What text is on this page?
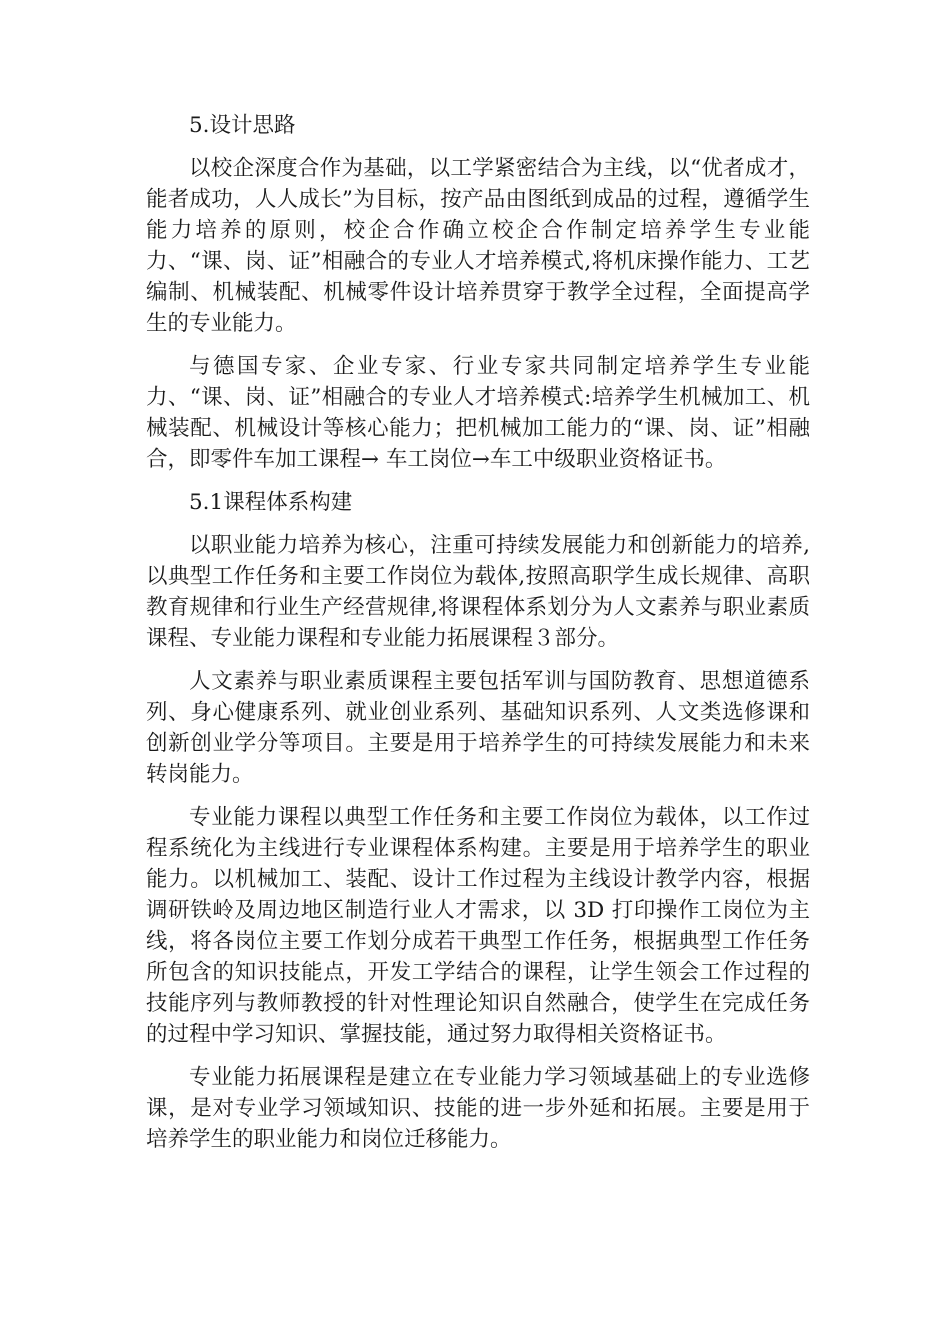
5.设计思路

以校企深度合作为基础，以工学紧密结合为主线，以“优者成才，能者成功，人人成长”为目标，按产品由图纸到成品的过程，遵循学生能力培养的原则，校企合作确立校企合作制定培养学生专业能力、“课、岗、证”相融合的专业人才培养模式,将机床操作能力、工艺编制、机械装配、机械零件设计培养贯穿于教学全过程，全面提高学生的专业能力。

与德国专家、企业专家、行业专家共同制定培养学生专业能力、“课、岗、证”相融合的专业人才培养模式:培养学生机械加工、机械装配、机械设计等核心能力；把机械加工能力的“课、岗、证”相融合，即零件车加工课程→ 车工岗位→车工中级职业资格证书。

5.1课程体系构建

以职业能力培养为核心，注重可持续发展能力和创新能力的培养,以典型工作任务和主要工作岗位为载体,按照高职学生成长规律、高职教育规律和行业生产经营规律,将课程体系划分为人文素养与职业素质课程、专业能力课程和专业能力拓展课程３部分。

人文素养与职业素质课程主要包括军训与国防教育、思想道德系列、身心健康系列、就业创业系列、基础知识系列、人文类选修课和创新创业学分等项目。主要是用于培养学生的可持续发展能力和未来转岗能力。

专业能力课程以典型工作任务和主要工作岗位为载体，以工作过程系统化为主线进行专业课程体系构建。主要是用于培养学生的职业能力。以机械加工、装配、设计工作过程为主线设计教学内容，根据调研铁岭及周边地区制造行业人才需求，以 3D 打印操作工岗位为主线，将各岗位主要工作划分成若干典型工作任务，根据典型工作任务所包含的知识技能点，开发工学结合的课程，让学生领会工作过程的技能序列与教师教授的针对性理论知识自然融合，使学生在完成任务的过程中学习知识、掌握技能，通过努力取得相关资格证书。

专业能力拓展课程是建立在专业能力学习领域基础上的专业选修课，是对专业学习领域知识、技能的进一步外延和拓展。主要是用于培养学生的职业能力和岗位迁移能力。
